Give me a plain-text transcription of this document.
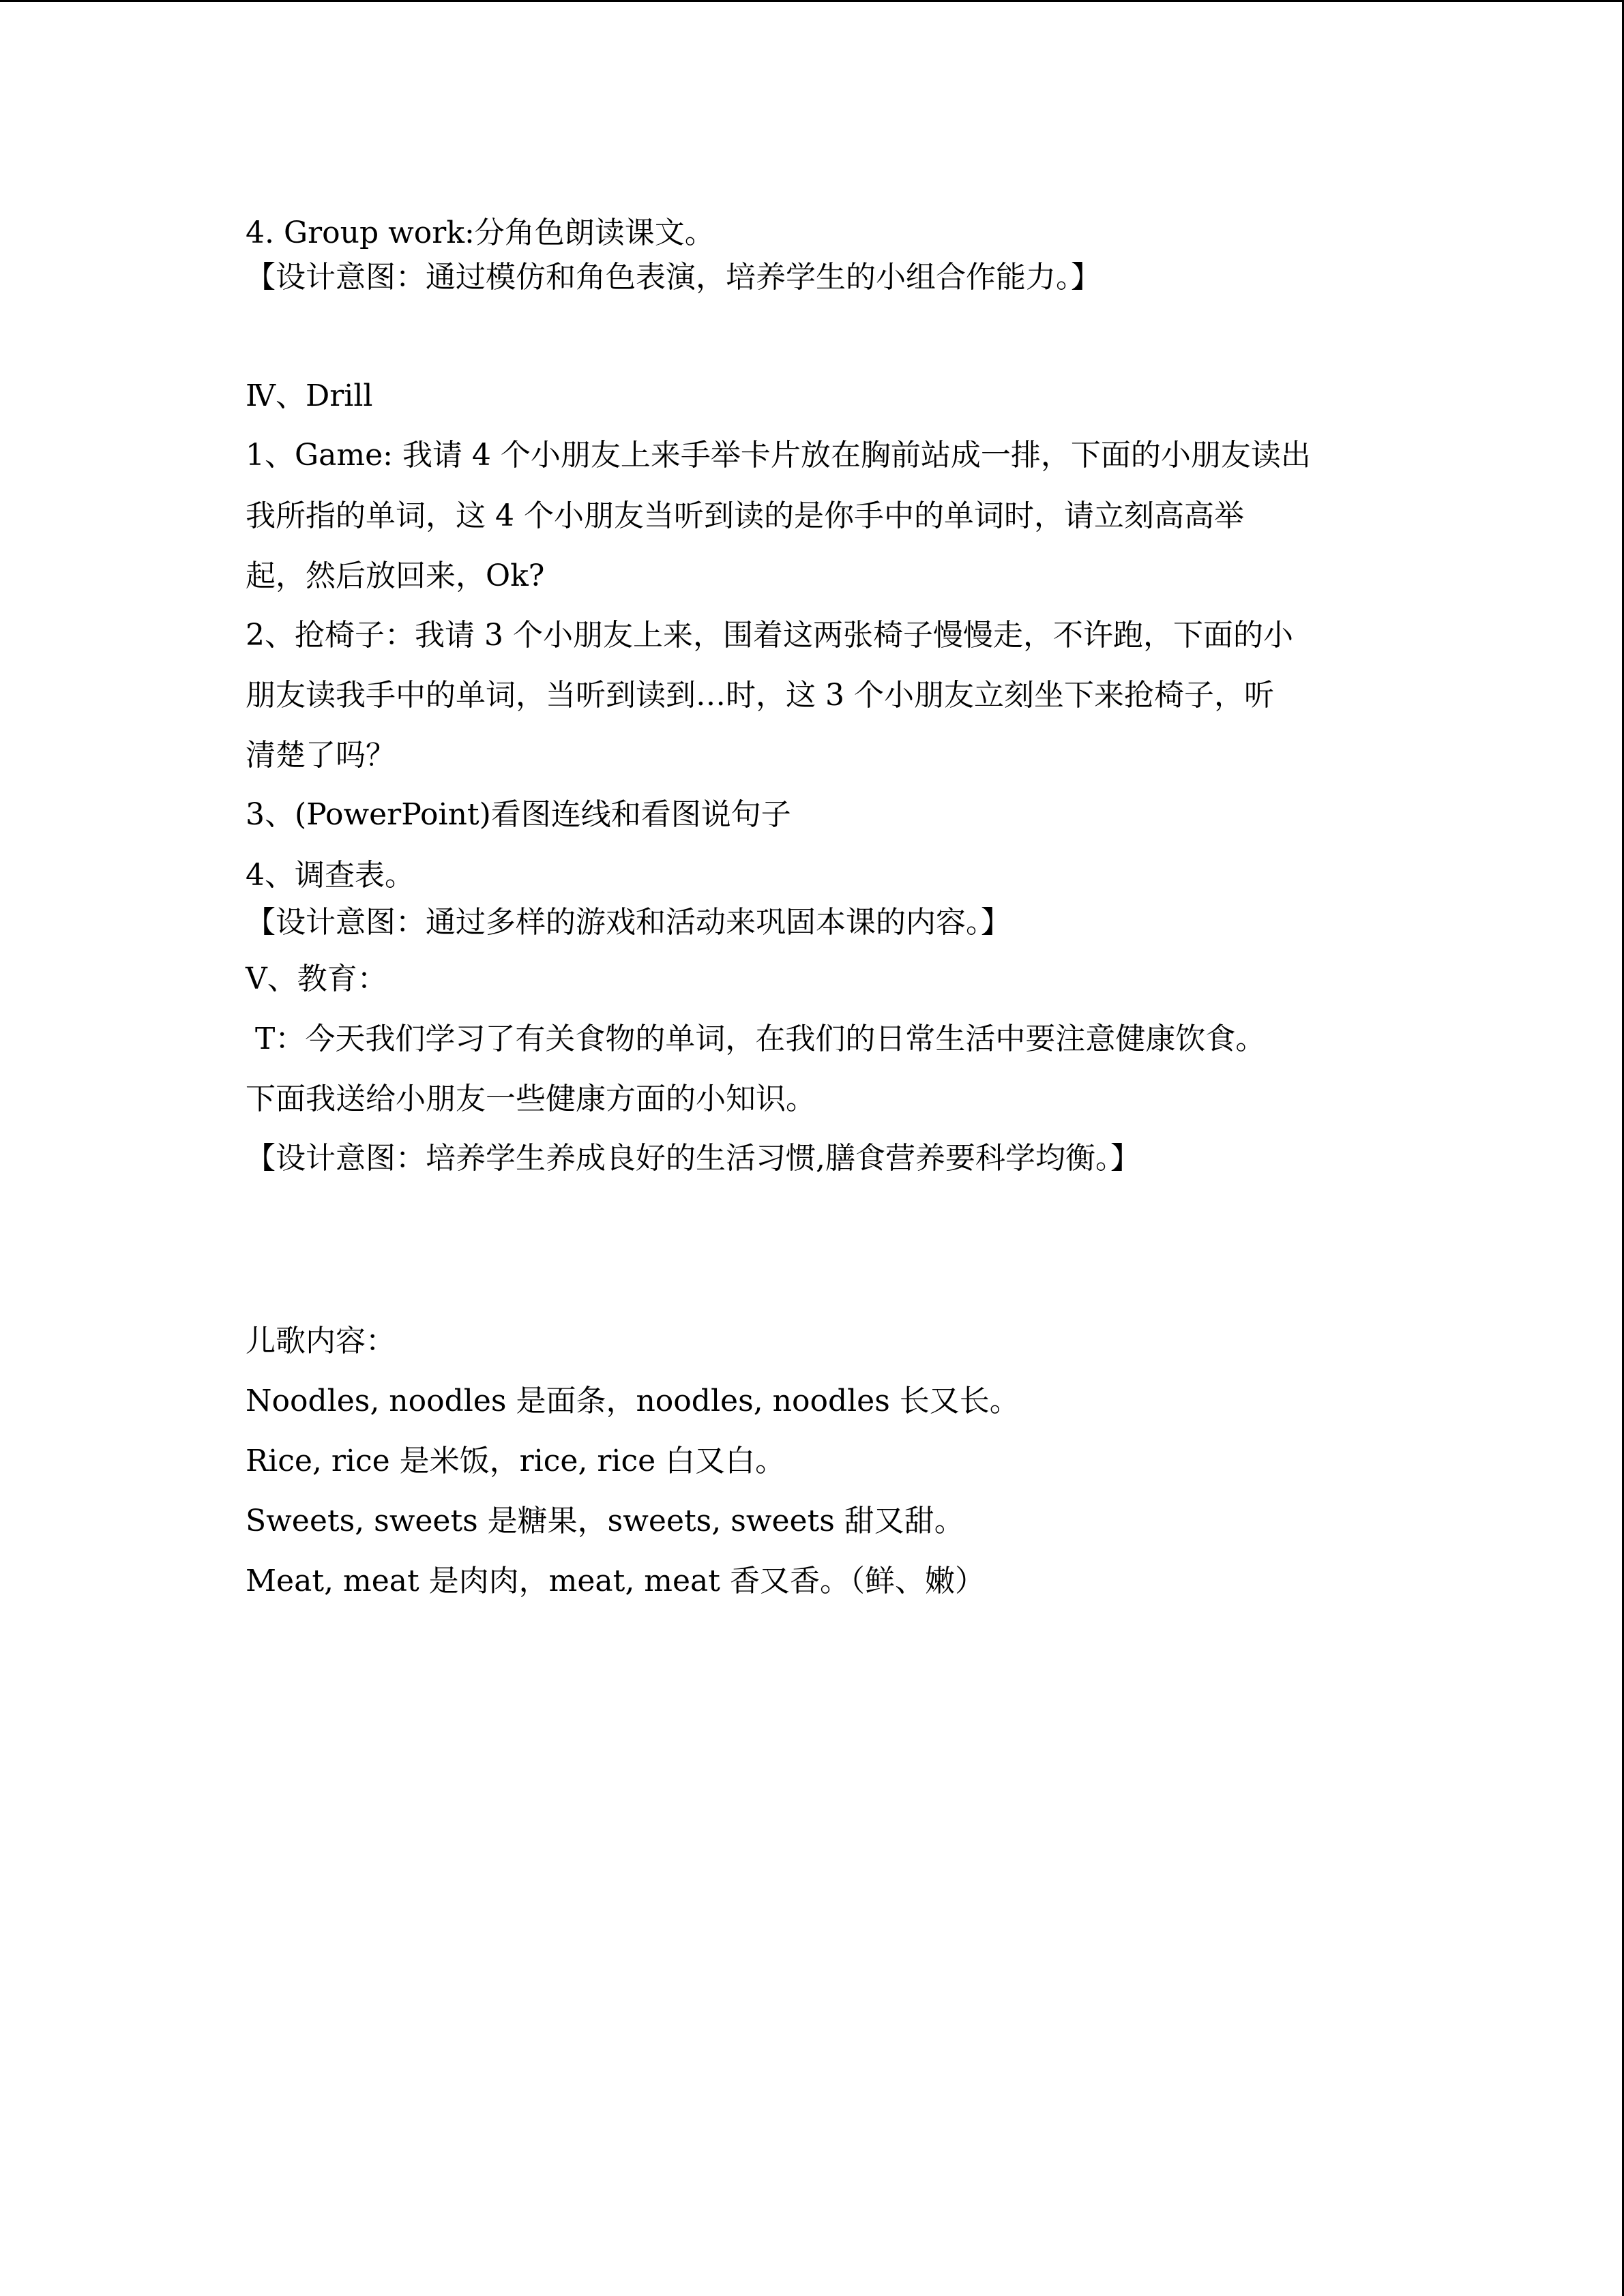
4. Group work:分角色朗读课文。
【设计意图：通过模仿和角色表演，培养学生的小组合作能力。】
Ⅳ、Drill
1、Game: 我请 4 个小朋友上来手举卡片放在胸前站成一排，下面的小朋友读出
我所指的单词，这 4 个小朋友当听到读的是你手中的单词时，请立刻高高举
起，然后放回来，Ok?
2、抢椅子：我请 3 个小朋友上来，围着这两张椅子慢慢走，不许跑，下面的小
朋友读我手中的单词，当听到读到…时，这 3 个小朋友立刻坐下来抢椅子，听
清楚了吗？
3、(PowerPoint)看图连线和看图说句子
4、调查表。
【设计意图：通过多样的游戏和活动来巩固本课的内容。】
Ⅴ、教育：
T：今天我们学习了有关食物的单词，在我们的日常生活中要注意健康饮食。
下面我送给小朋友一些健康方面的小知识。
【设计意图：培养学生养成良好的生活习惯,膳食营养要科学均衡。】
儿歌内容：
Noodles, noodles 是面条，noodles, noodles 长又长。
Rice, rice 是米饭，rice, rice 白又白。
Sweets, sweets 是糖果，sweets, sweets 甜又甜。
Meat, meat 是肉肉，meat, meat 香又香。（鲜、嫩）
